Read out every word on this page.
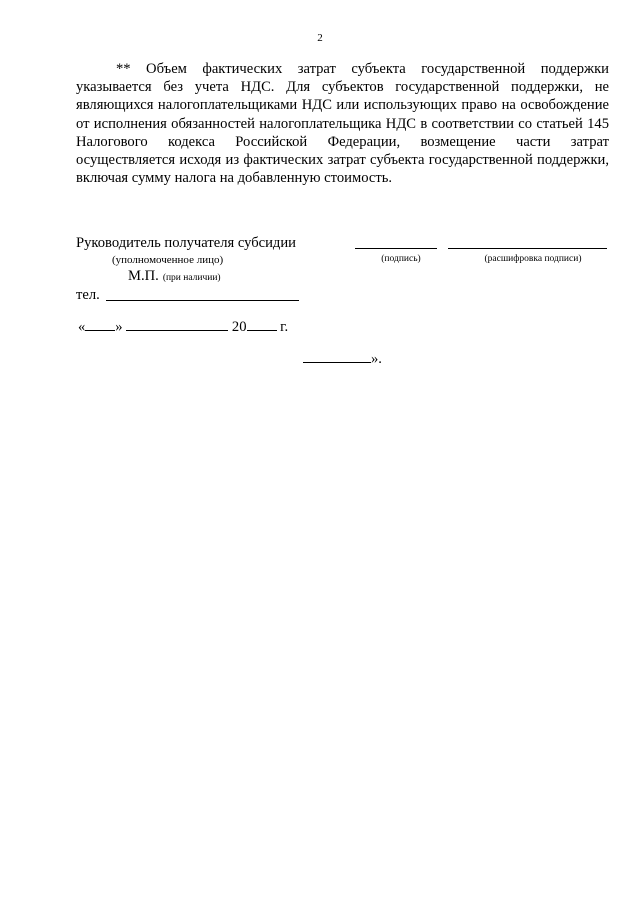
2

** Объем фактических затрат субъекта государственной поддержки указывается без учета НДС. Для субъектов государственной поддержки, не являющихся налогоплательщиками НДС или использующих право на освобождение от исполнения обязанностей налогоплательщика НДС в соответствии со статьей 145 Налогового кодекса Российской Федерации, возмещение части затрат осуществляется исходя из фактических затрат субъекта государственной поддержки, включая сумму налога на добавленную стоимость.

Руководитель получателя субсидии
(уполномоченное лицо)	(подпись)	(расшифровка подписи)
М.П. (при наличии)
тел.
« »	20 г.
».
